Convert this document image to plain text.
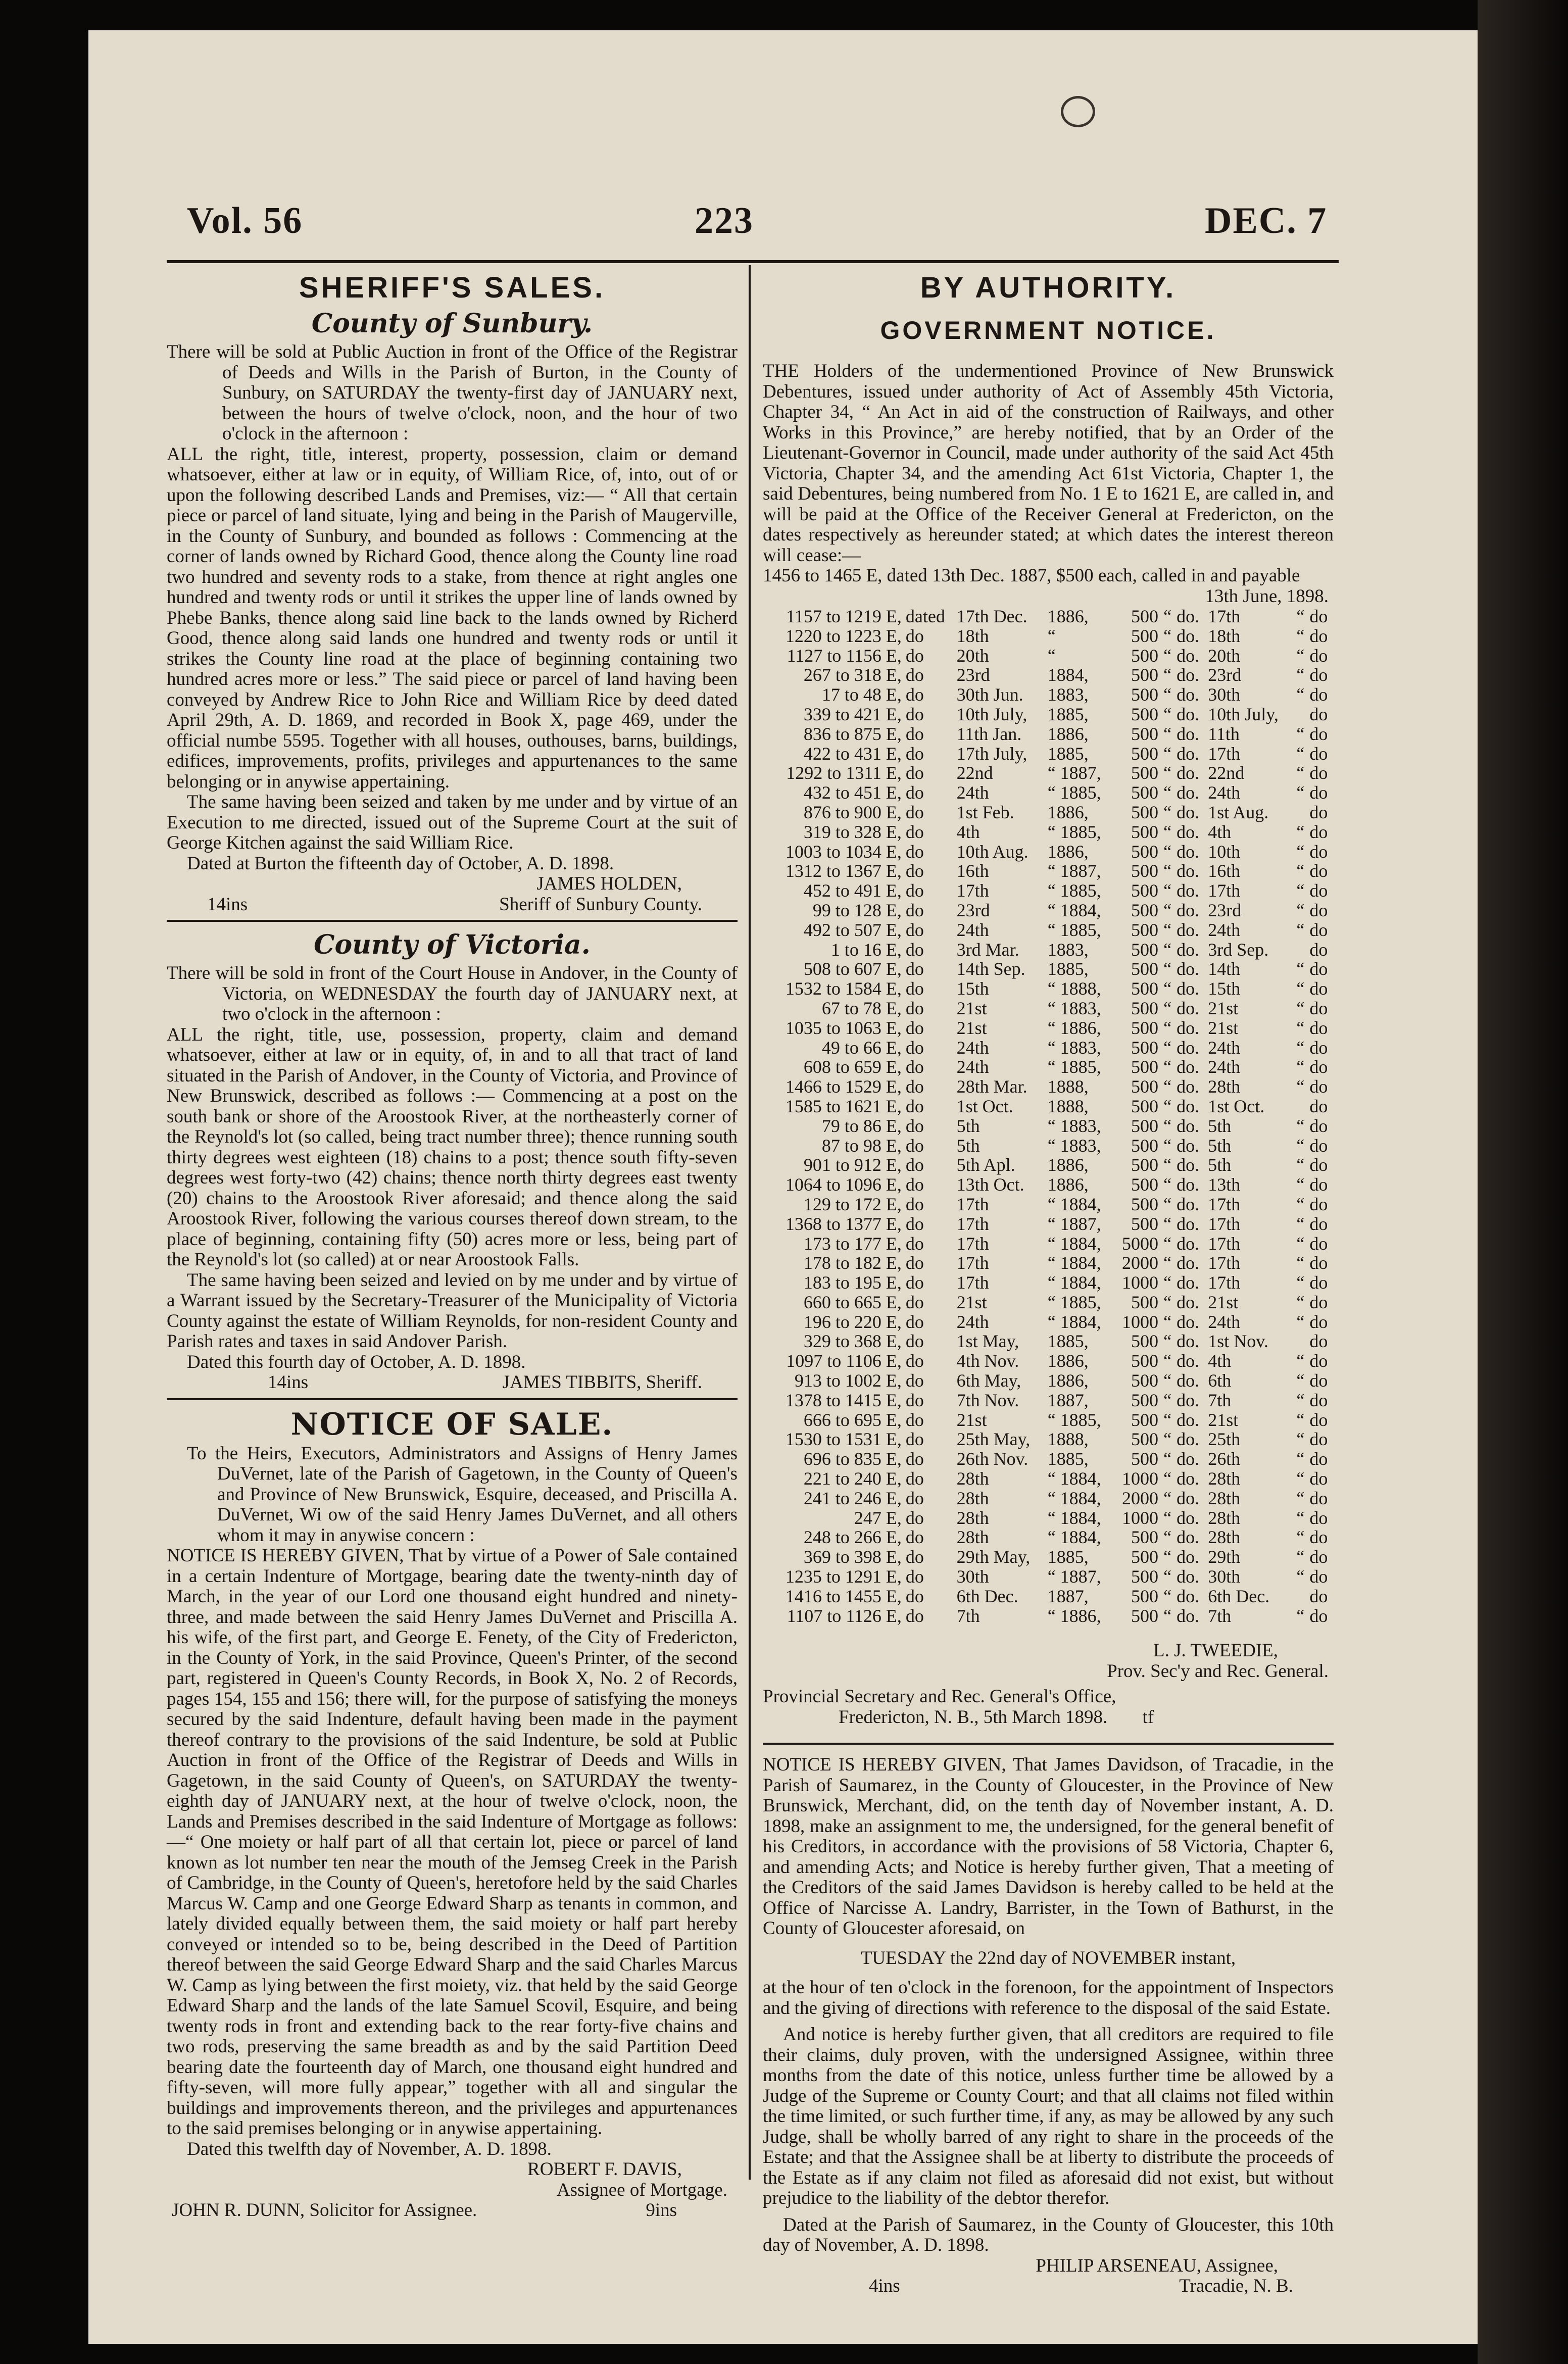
Vol. 56	223	DEC. 7
SHERIFF'S SALES.
County of Sunbury.

There will be sold at Public Auction in front of the Office of the Registrar of Deeds and Wills in the Parish of Burton, in the County of Sunbury, on SATURDAY the twenty-first day of JANUARY next, between the hours of twelve o'clock, noon, and the hour of two o'clock in the afternoon :

ALL the right, title, interest, property, possession, claim or demand whatsoever, either at law or in equity, of William Rice, of, into, out of or upon the following described Lands and Premises, viz:— “ All that certain piece or parcel of land situate, lying and being in the Parish of Maugerville, in the County of Sunbury, and bounded as follows : Commencing at the corner of lands owned by Richard Good, thence along the County line road two hundred and seventy rods to a stake, from thence at right angles one hundred and twenty rods or until it strikes the upper line of lands owned by Phebe Banks, thence along said line back to the lands owned by Richerd Good, thence along said lands one hundred and twenty rods or until it strikes the County line road at the place of beginning containing two hundred acres more or less.” The said piece or parcel of land having been conveyed by Andrew Rice to John Rice and William Rice by deed dated April 29th, A. D. 1869, and recorded in Book X, page 469, under the official numbe 5595. Together with all houses, outhouses, barns, buildings, edifices, improvements, profits, privileges and appurtenances to the same belonging or in anywise appertaining.

The same having been seized and taken by me under and by virtue of an Execution to me directed, issued out of the Supreme Court at the suit of George Kitchen against the said William Rice.

Dated at Burton the fifteenth day of October, A. D. 1898.

JAMES HOLDEN,
14ins	Sheriff of Sunbury County.
County of Victoria.

There will be sold in front of the Court House in Andover, in the County of Victoria, on WEDNESDAY the fourth day of JANUARY next, at two o'clock in the afternoon :

ALL the right, title, use, possession, property, claim and demand whatsoever, either at law or in equity, of, in and to all that tract of land situated in the Parish of Andover, in the County of Victoria, and Province of New Brunswick, described as follows :— Commencing at a post on the south bank or shore of the Aroostook River, at the northeasterly corner of the Reynold's lot (so called, being tract number three); thence running south thirty degrees west eighteen (18) chains to a post; thence south fifty-seven degrees west forty-two (42) chains; thence north thirty degrees east twenty (20) chains to the Aroostook River aforesaid; and thence along the said Aroostook River, following the various courses thereof down stream, to the place of beginning, containing fifty (50) acres more or less, being part of the Reynold's lot (so called) at or near Aroostook Falls.

The same having been seized and levied on by me under and by virtue of a Warrant issued by the Secretary-Treasurer of the Municipality of Victoria County against the estate of William Reynolds, for non-resident County and Parish rates and taxes in said Andover Parish.

Dated this fourth day of October, A. D. 1898.

14ins	JAMES TIBBITS, Sheriff.
NOTICE OF SALE.

To the Heirs, Executors, Administrators and Assigns of Henry James DuVernet, late of the Parish of Gagetown, in the County of Queen's and Province of New Brunswick, Esquire, deceased, and Priscilla A. DuVernet, Wi ow of the said Henry James DuVernet, and all others whom it may in anywise concern :

NOTICE IS HEREBY GIVEN, That by virtue of a Power of Sale contained in a certain Indenture of Mortgage, bearing date the twenty-ninth day of March, in the year of our Lord one thousand eight hundred and ninety-three, and made between the said Henry James DuVernet and Priscilla A. his wife, of the first part, and George E. Fenety, of the City of Fredericton, in the County of York, in the said Province, Queen's Printer, of the second part, registered in Queen's County Records, in Book X, No. 2 of Records, pages 154, 155 and 156; there will, for the purpose of satisfying the moneys secured by the said Indenture, default having been made in the payment thereof contrary to the provisions of the said Indenture, be sold at Public Auction in front of the Office of the Registrar of Deeds and Wills in Gagetown, in the said County of Queen's, on SATURDAY the twenty-eighth day of JANUARY next, at the hour of twelve o'clock, noon, the Lands and Premises described in the said Indenture of Mortgage as follows:—“ One moiety or half part of all that certain lot, piece or parcel of land known as lot number ten near the mouth of the Jemseg Creek in the Parish of Cambridge, in the County of Queen's, heretofore held by the said Charles Marcus W. Camp and one George Edward Sharp as tenants in common, and lately divided equally between them, the said moiety or half part hereby conveyed or intended so to be, being described in the Deed of Partition thereof between the said George Edward Sharp and the said Charles Marcus W. Camp as lying between the first moiety, viz. that held by the said George Edward Sharp and the lands of the late Samuel Scovil, Esquire, and being twenty rods in front and extending back to the rear forty-five chains and two rods, preserving the same breadth as and by the said Partition Deed bearing date the fourteenth day of March, one thousand eight hundred and fifty-seven, will more fully appear,” together with all and singular the buildings and improvements thereon, and the privileges and appurtenances to the said premises belonging or in anywise appertaining.

Dated this twelfth day of November, A. D. 1898.

ROBERT F. DAVIS,
Assignee of Mortgage.
JOHN R. DUNN, Solicitor for Assignee.	9ins
BY AUTHORITY.
GOVERNMENT NOTICE.

THE Holders of the undermentioned Province of New Brunswick Debentures, issued under authority of Act of Assembly 45th Victoria, Chapter 34, “ An Act in aid of the construction of Railways, and other Works in this Province,” are hereby notified, that by an Order of the Lieutenant-Governor in Council, made under authority of the said Act 45th Victoria, Chapter 34, and the amending Act 61st Victoria, Chapter 1, the said Debentures, being numbered from No. 1 E to 1621 E, are called in, and will be paid at the Office of the Receiver General at Fredericton, on the dates respectively as hereunder stated; at which dates the interest thereon will cease:—

1456 to 1465 E, dated 13th Dec. 1887, $500 each, called in and payable
13th June, 1898.
1157 to 1219 E,	dated	17th Dec.	1886,	500	“	do.	17th	“	do
1220 to 1223 E,	do	18th	“	500	“	do.	18th	“	do
1127 to 1156 E,	do	20th	“	500	“	do.	20th	“	do
267 to 318 E,	do	23rd	1884,	500	“	do.	23rd	“	do
17 to 48 E,	do	30th Jun.	1883,	500	“	do.	30th	“	do
339 to 421 E,	do	10th July,	1885,	500	“	do.	10th July,		do
836 to 875 E,	do	11th Jan.	1886,	500	“	do.	11th	“	do
422 to 431 E,	do	17th July,	1885,	500	“	do.	17th	“	do
1292 to 1311 E,	do	22nd	“ 1887,	500	“	do.	22nd	“	do
432 to 451 E,	do	24th	“ 1885,	500	“	do.	24th	“	do
876 to 900 E,	do	1st Feb.	1886,	500	“	do.	1st Aug.		do
319 to 328 E,	do	4th	“ 1885,	500	“	do.	4th	“	do
1003 to 1034 E,	do	10th Aug.	1886,	500	“	do.	10th	“	do
1312 to 1367 E,	do	16th	“ 1887,	500	“	do.	16th	“	do
452 to 491 E,	do	17th	“ 1885,	500	“	do.	17th	“	do
99 to 128 E,	do	23rd	“ 1884,	500	“	do.	23rd	“	do
492 to 507 E,	do	24th	“ 1885,	500	“	do.	24th	“	do
1 to 16 E,	do	3rd Mar.	1883,	500	“	do.	3rd Sep.		do
508 to 607 E,	do	14th Sep.	1885,	500	“	do.	14th	“	do
1532 to 1584 E,	do	15th	“ 1888,	500	“	do.	15th	“	do
67 to 78 E,	do	21st	“ 1883,	500	“	do.	21st	“	do
1035 to 1063 E,	do	21st	“ 1886,	500	“	do.	21st	“	do
49 to 66 E,	do	24th	“ 1883,	500	“	do.	24th	“	do
608 to 659 E,	do	24th	“ 1885,	500	“	do.	24th	“	do
1466 to 1529 E,	do	28th Mar.	1888,	500	“	do.	28th	“	do
1585 to 1621 E,	do	1st Oct.	1888,	500	“	do.	1st Oct.		do
79 to 86 E,	do	5th	“ 1883,	500	“	do.	5th	“	do
87 to 98 E,	do	5th	“ 1883,	500	“	do.	5th	“	do
901 to 912 E,	do	5th Apl.	1886,	500	“	do.	5th	“	do
1064 to 1096 E,	do	13th Oct.	1886,	500	“	do.	13th	“	do
129 to 172 E,	do	17th	“ 1884,	500	“	do.	17th	“	do
1368 to 1377 E,	do	17th	“ 1887,	500	“	do.	17th	“	do
173 to 177 E,	do	17th	“ 1884,	5000	“	do.	17th	“	do
178 to 182 E,	do	17th	“ 1884,	2000	“	do.	17th	“	do
183 to 195 E,	do	17th	“ 1884,	1000	“	do.	17th	“	do
660 to 665 E,	do	21st	“ 1885,	500	“	do.	21st	“	do
196 to 220 E,	do	24th	“ 1884,	1000	“	do.	24th	“	do
329 to 368 E,	do	1st May,	1885,	500	“	do.	1st Nov.		do
1097 to 1106 E,	do	4th Nov.	1886,	500	“	do.	4th	“	do
913 to 1002 E,	do	6th May,	1886,	500	“	do.	6th	“	do
1378 to 1415 E,	do	7th Nov.	1887,	500	“	do.	7th	“	do
666 to 695 E,	do	21st	“ 1885,	500	“	do.	21st	“	do
1530 to 1531 E,	do	25th May,	1888,	500	“	do.	25th	“	do
696 to 835 E,	do	26th Nov.	1885,	500	“	do.	26th	“	do
221 to 240 E,	do	28th	“ 1884,	1000	“	do.	28th	“	do
241 to 246 E,	do	28th	“ 1884,	2000	“	do.	28th	“	do
247 E,	do	28th	“ 1884,	1000	“	do.	28th	“	do
248 to 266 E,	do	28th	“ 1884,	500	“	do.	28th	“	do
369 to 398 E,	do	29th May,	1885,	500	“	do.	29th	“	do
1235 to 1291 E,	do	30th	“ 1887,	500	“	do.	30th	“	do
1416 to 1455 E,	do	6th Dec.	1887,	500	“	do.	6th Dec.		do
1107 to 1126 E,	do	7th	“ 1886,	500	“	do.	7th	“	do
L. J. TWEEDIE,
Prov. Sec'y and Rec. General.
Provincial Secretary and Rec. General's Office,
Fredericton, N. B., 5th March 1898. tf

NOTICE IS HEREBY GIVEN, That James Davidson, of Tracadie, in the Parish of Saumarez, in the County of Gloucester, in the Province of New Brunswick, Merchant, did, on the tenth day of November instant, A. D. 1898, make an assignment to me, the undersigned, for the general benefit of his Creditors, in accordance with the provisions of 58 Victoria, Chapter 6, and amending Acts; and Notice is hereby further given, That a meeting of the Creditors of the said James Davidson is hereby called to be held at the Office of Narcisse A. Landry, Barrister, in the Town of Bathurst, in the County of Gloucester aforesaid, on

TUESDAY the 22nd day of NOVEMBER instant,

at the hour of ten o'clock in the forenoon, for the appointment of Inspectors and the giving of directions with reference to the disposal of the said Estate.

And notice is hereby further given, that all creditors are required to file their claims, duly proven, with the undersigned Assignee, within three months from the date of this notice, unless further time be allowed by a Judge of the Supreme or County Court; and that all claims not filed within the time limited, or such further time, if any, as may be allowed by any such Judge, shall be wholly barred of any right to share in the proceeds of the Estate; and that the Assignee shall be at liberty to distribute the proceeds of the Estate as if any claim not filed as aforesaid did not exist, but without prejudice to the liability of the debtor therefor.

Dated at the Parish of Saumarez, in the County of Gloucester, this 10th day of November, A. D. 1898.

PHILIP ARSENEAU, Assignee,
4ins	Tracadie, N. B.
